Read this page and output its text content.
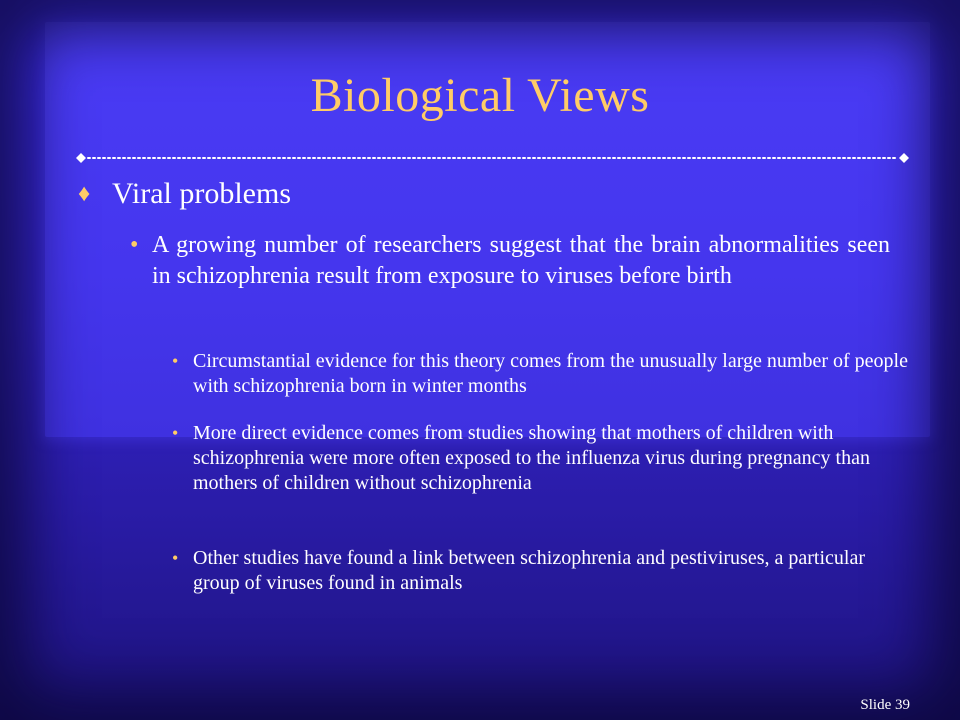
Biological Views
♦ Viral problems
• A growing number of researchers suggest that the brain abnormalities seen in schizophrenia result from exposure to viruses before birth
• Circumstantial evidence for this theory comes from the unusually large number of people with schizophrenia born in winter months
• More direct evidence comes from studies showing that mothers of children with schizophrenia were more often exposed to the influenza virus during pregnancy than mothers of children without schizophrenia
• Other studies have found a link between schizophrenia and pestiviruses, a particular group of viruses found in animals
Slide 39
